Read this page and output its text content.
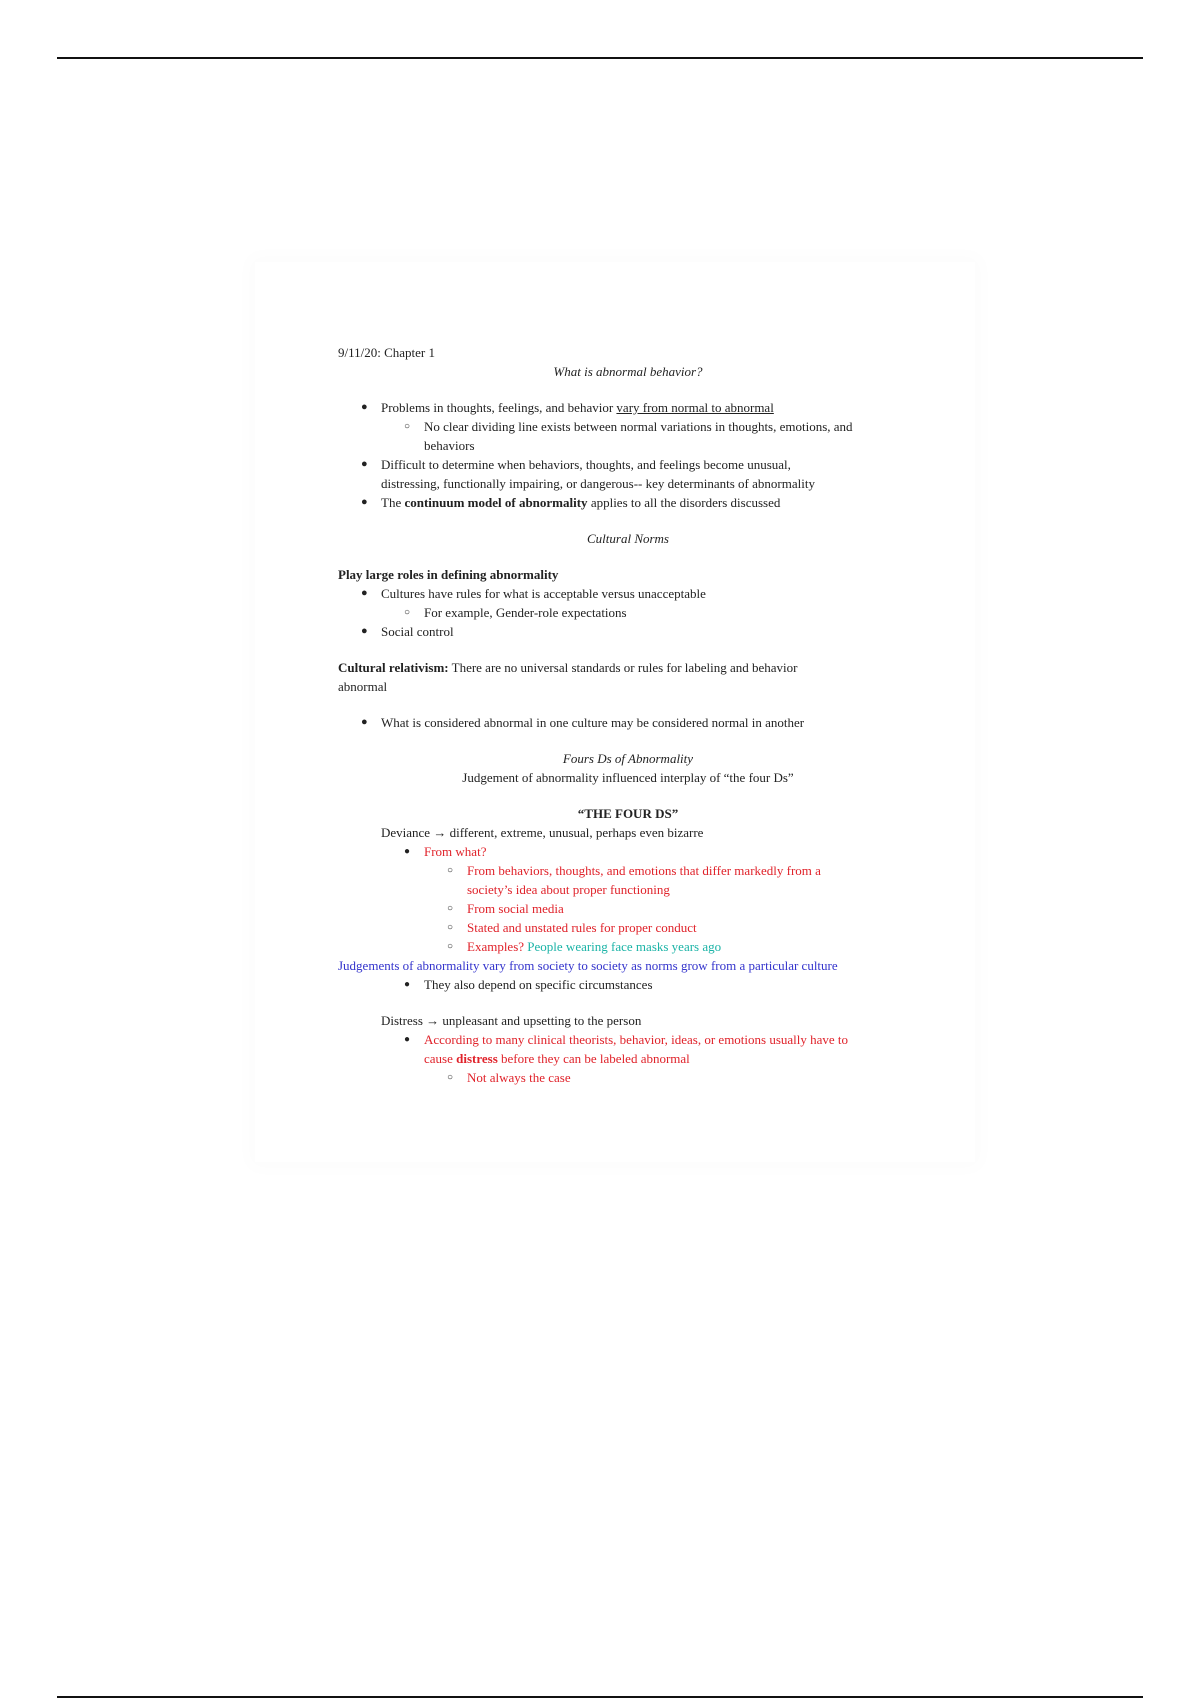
9/11/20: Chapter 1
What is abnormal behavior?
● Problems in thoughts, feelings, and behavior vary from normal to abnormal
○ No clear dividing line exists between normal variations in thoughts, emotions, and
behaviors
● Difficult to determine when behaviors, thoughts, and feelings become unusual,
distressing, functionally impairing, or dangerous-- key determinants of abnormality
● The continuum model of abnormality applies to all the disorders discussed
Cultural Norms
Play large roles in defining abnormality
● Cultures have rules for what is acceptable versus unacceptable
○ For example, Gender-role expectations
● Social control
Cultural relativism: There are no universal standards or rules for labeling and behavior
abnormal
● What is considered abnormal in one culture may be considered normal in another
Fours Ds of Abnormality
Judgement of abnormality influenced interplay of “the four Ds”
“THE FOUR DS”
Deviance → different, extreme, unusual, perhaps even bizarre
● From what?
○ From behaviors, thoughts, and emotions that differ markedly from a
society’s idea about proper functioning
○ From social media
○ Stated and unstated rules for proper conduct
○ Examples? People wearing face masks years ago
Judgements of abnormality vary from society to society as norms grow from a particular culture
● They also depend on specific circumstances
Distress → unpleasant and upsetting to the person
● According to many clinical theorists, behavior, ideas, or emotions usually have to
cause distress before they can be labeled abnormal
○ Not always the case
